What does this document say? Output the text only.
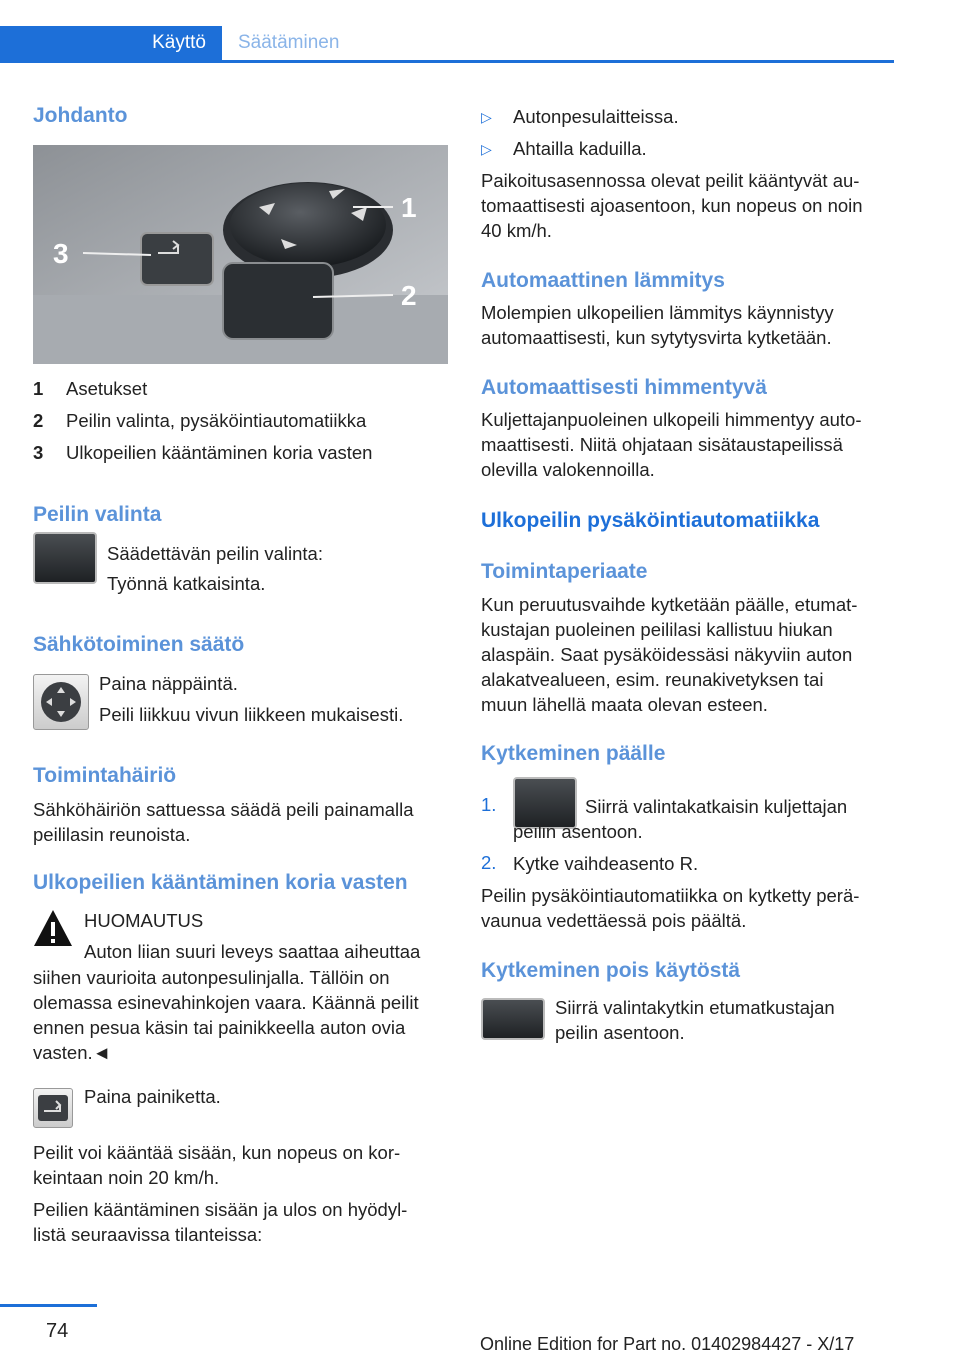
Käyttö	Säätäminen
Johdanto
1
2
3
1 Asetukset
2 Peilin valinta, pysäköintiautomatiikka
3 Ulkopeilien kääntäminen koria vasten
Peilin valinta
Säädettävän peilin valinta:
Työnnä katkaisinta.
Sähkötoiminen säätö
Paina näppäintä.
Peili liikkuu vivun liikkeen mukaisesti.
Toimintahäiriö
Sähköhäiriön sattuessa säädä peili painamalla
peililasin reunoista.
Ulkopeilien kääntäminen koria vasten
HUOMAUTUS
Auton liian suuri leveys saattaa aiheuttaa
siihen vaurioita autonpesulinjalla. Tällöin on
olemassa esinevahinkojen vaara. Käännä peilit
ennen pesua käsin tai painikkeella auton ovia
vasten.◄
Paina painiketta.
Peilit voi kääntää sisään, kun nopeus on kor‐
keintaan noin 20 km/h.
Peilien kääntäminen sisään ja ulos on hyödyl‐
listä seuraavissa tilanteissa:
▷ Autonpesulaitteissa.
▷ Ahtailla kaduilla.
Paikoitusasennossa olevat peilit kääntyvät au‐
tomaattisesti ajoasentoon, kun nopeus on noin
40 km/h.
Automaattinen lämmitys
Molempien ulkopeilien lämmitys käynnistyy
automaattisesti, kun sytytysvirta kytketään.
Automaattisesti himmentyvä
Kuljettajanpuoleinen ulkopeili himmentyy auto‐
maattisesti. Niitä ohjataan sisätaustapeilissä
olevilla valokennoilla.
Ulkopeilin pysäköintiautomatiikka
Toimintaperiaate
Kun peruutusvaihde kytketään päälle, etumat‐
kustajan puoleinen peililasi kallistuu hiukan
alaspäin. Saat pysäköidessäsi näkyviin auton
alakatvealueen, esim. reunakivetyksen tai
muun lähellä maata olevan esteen.
Kytkeminen päälle
1.	Siirrä valintakatkaisin kuljettajan
peilin asentoon.
2. Kytke vaihdeasento R.
Peilin pysäköintiautomatiikka on kytketty perä‐
vaunua vedettäessä pois päältä.
Kytkeminen pois käytöstä
Siirrä valintakytkin etumatkustajan
peilin asentoon.
74
Online Edition for Part no. 01402984427 - X/17
